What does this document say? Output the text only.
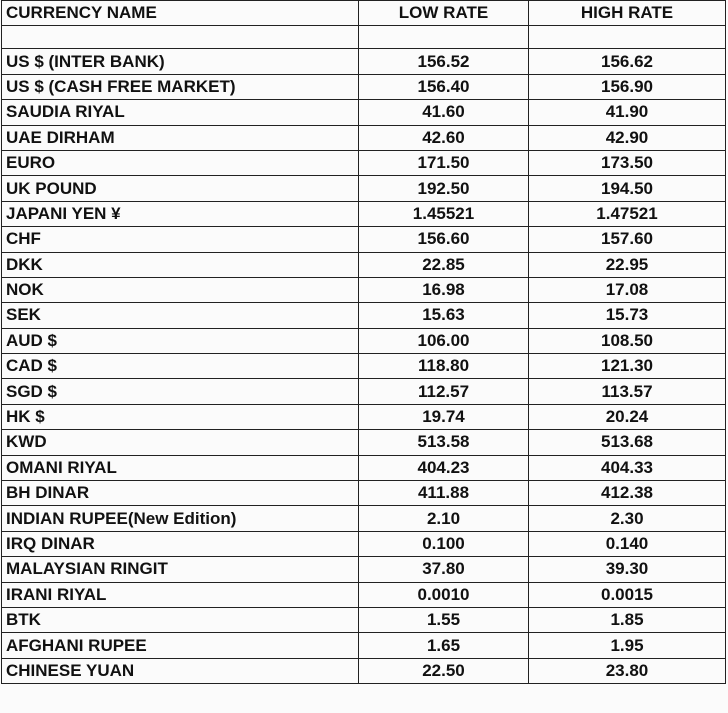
CURRENCY NAME	LOW RATE	HIGH RATE

US $ (INTER BANK)	156.52	156.62
US $ (CASH FREE MARKET)	156.40	156.90
SAUDIA RIYAL	41.60	41.90
UAE DIRHAM	42.60	42.90
EURO	171.50	173.50
UK POUND	192.50	194.50
JAPANI YEN ¥	1.45521	1.47521
CHF	156.60	157.60
DKK	22.85	22.95
NOK	16.98	17.08
SEK	15.63	15.73
AUD $	106.00	108.50
CAD $	118.80	121.30
SGD $	112.57	113.57
HK $	19.74	20.24
KWD	513.58	513.68
OMANI RIYAL	404.23	404.33
BH DINAR	411.88	412.38
INDIAN RUPEE(New Edition)	2.10	2.30
IRQ DINAR	0.100	0.140
MALAYSIAN RINGIT	37.80	39.30
IRANI RIYAL	0.0010	0.0015
BTK	1.55	1.85
AFGHANI RUPEE	1.65	1.95
CHINESE YUAN	22.50	23.80
